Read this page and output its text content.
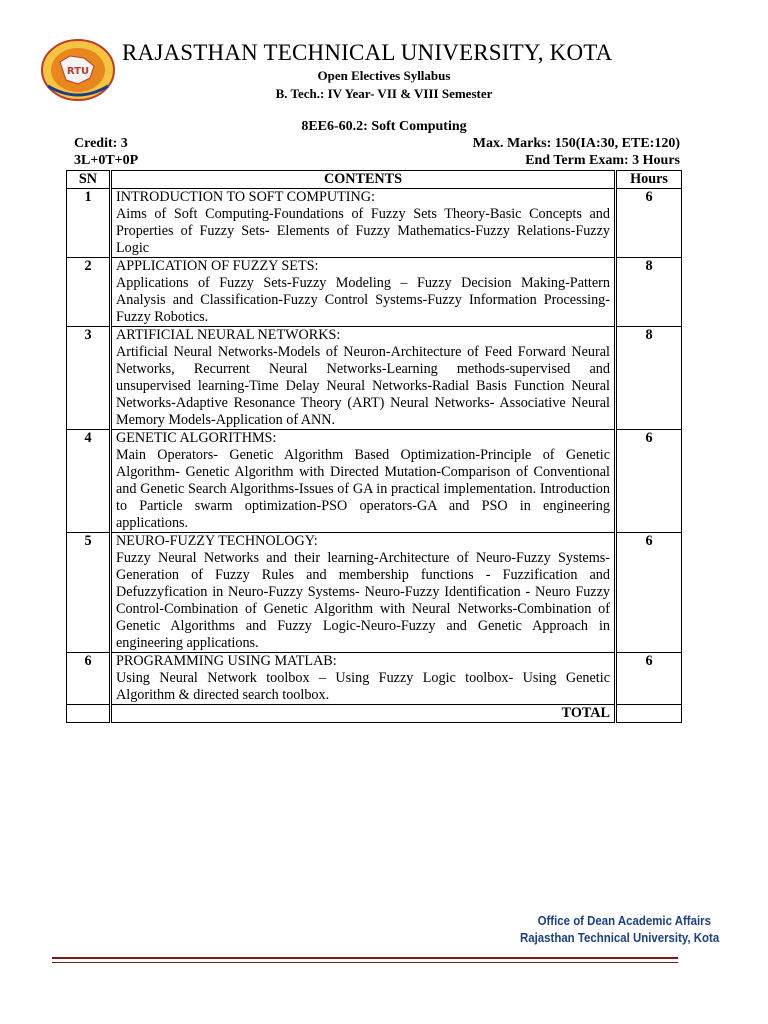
RTU
RAJASTHAN TECHNICAL UNIVERSITY, KOTA
Open Electives Syllabus
B. Tech.: IV Year- VII & VIII Semester
8EE6-60.2: Soft Computing
Credit: 3	Max. Marks: 150(IA:30, ETE:120)
3L+0T+0P	End Term Exam: 3 Hours
SN	CONTENTS	Hours
1	INTRODUCTION TO SOFT COMPUTING:
Aims of Soft Computing-Foundations of Fuzzy Sets Theory-Basic Concepts and Properties of Fuzzy Sets- Elements of Fuzzy Mathematics-Fuzzy Relations-Fuzzy Logic	6
2	APPLICATION OF FUZZY SETS:
Applications of Fuzzy Sets-Fuzzy Modeling – Fuzzy Decision Making-Pattern Analysis and Classification-Fuzzy Control Systems-Fuzzy Information Processing- Fuzzy Robotics.	8
3	ARTIFICIAL NEURAL NETWORKS:
Artificial Neural Networks-Models of Neuron-Architecture of Feed Forward Neural Networks, Recurrent Neural Networks-Learning methods-supervised and unsupervised learning-Time Delay Neural Networks-Radial Basis Function Neural Networks-Adaptive Resonance Theory (ART) Neural Networks- Associative Neural Memory Models-Application of ANN.	8
4	GENETIC ALGORITHMS:
Main Operators- Genetic Algorithm Based Optimization-Principle of Genetic Algorithm- Genetic Algorithm with Directed Mutation-Comparison of Conventional and Genetic Search Algorithms-Issues of GA in practical implementation. Introduction to Particle swarm optimization-PSO operators-GA and PSO in engineering applications.	6
5	NEURO-FUZZY TECHNOLOGY:
Fuzzy Neural Networks and their learning-Architecture of Neuro-Fuzzy Systems- Generation of Fuzzy Rules and membership functions - Fuzzification and Defuzzyfication in Neuro-Fuzzy Systems- Neuro-Fuzzy Identification - Neuro Fuzzy Control-Combination of Genetic Algorithm with Neural Networks-Combination of Genetic Algorithms and Fuzzy Logic-Neuro-Fuzzy and Genetic Approach in engineering applications.	6
6	PROGRAMMING USING MATLAB:
Using Neural Network toolbox – Using Fuzzy Logic toolbox- Using Genetic Algorithm & directed search toolbox.	6
	TOTAL	
Office of Dean Academic Affairs
Rajasthan Technical University, Kota
